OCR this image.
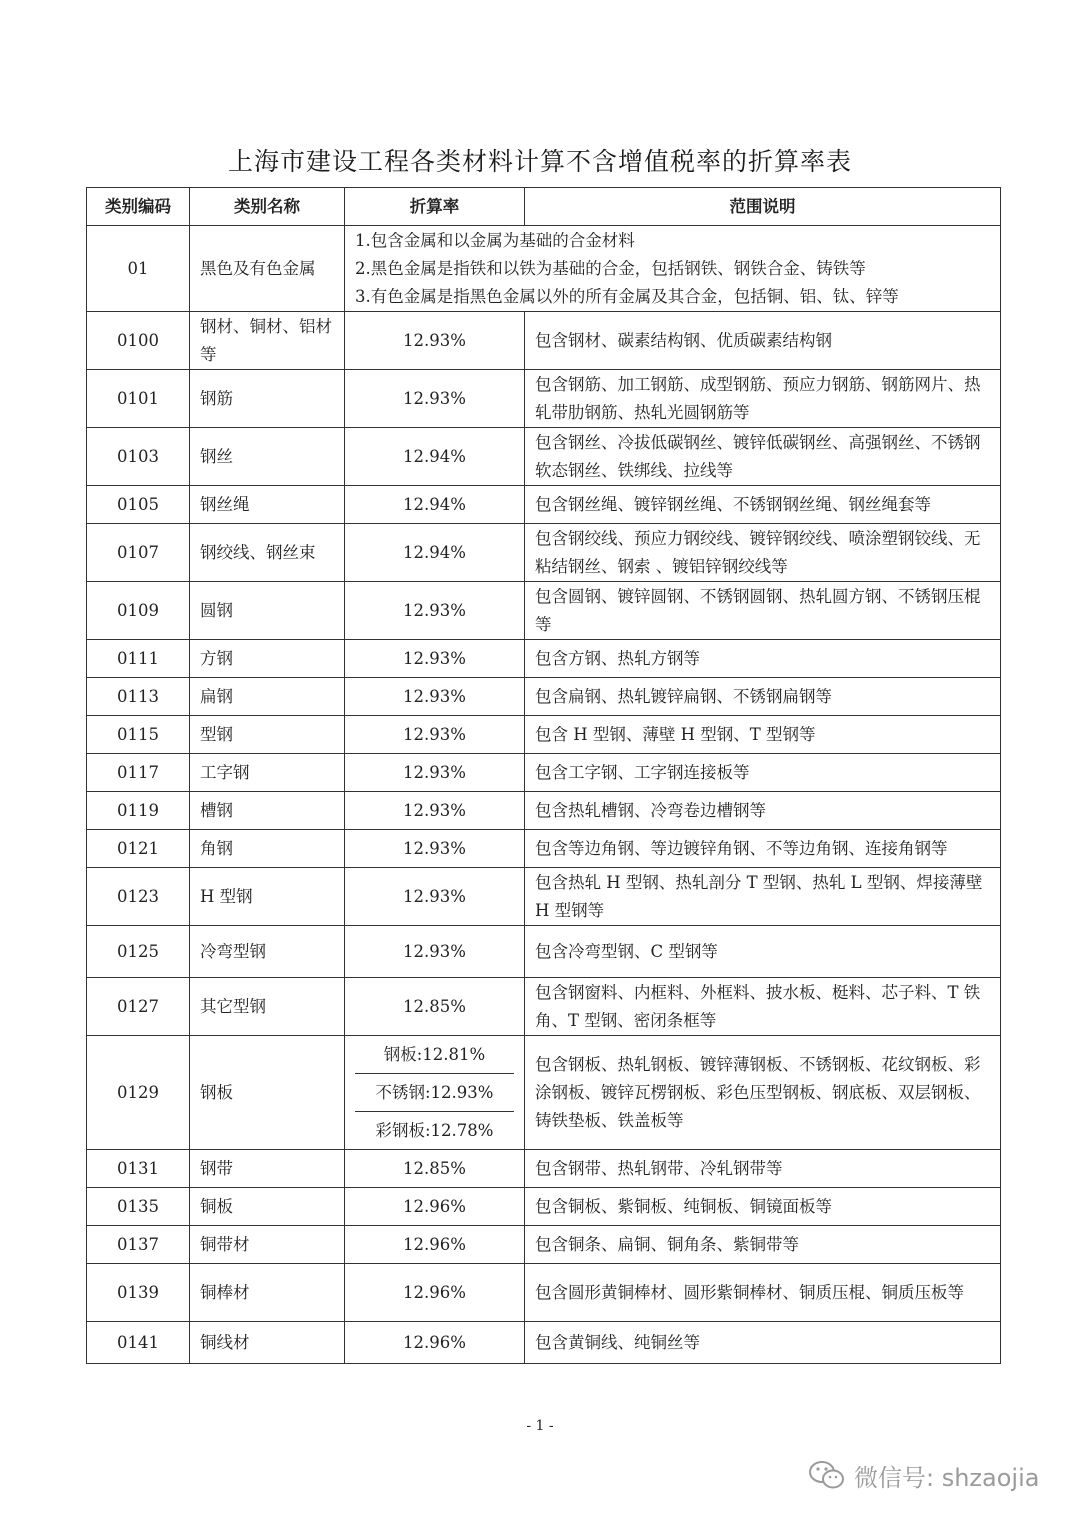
上海市建设工程各类材料计算不含增值税率的折算率表
类别编码	类别名称	折算率	范围说明
01	黑色及有色金属	1.包含金属和以金属为基础的合金材料
2.黑色金属是指铁和以铁为基础的合金，包括钢铁、钢铁合金、铸铁等
3.有色金属是指黑色金属以外的所有金属及其合金，包括铜、铝、钛、锌等	

0100	钢材、铜材、铝材等	12.93%	包含钢材、碳素结构钢、优质碳素结构钢
0101	钢筋	12.93%	包含钢筋、加工钢筋、成型钢筋、预应力钢筋、钢筋网片、热轧带肋钢筋、热轧光圆钢筋等
0103	钢丝	12.94%	包含钢丝、冷拔低碳钢丝、镀锌低碳钢丝、高强钢丝、不锈钢软态钢丝、铁绑线、拉线等
0105	钢丝绳	12.94%	包含钢丝绳、镀锌钢丝绳、不锈钢钢丝绳、钢丝绳套等
0107	钢绞线、钢丝束	12.94%	包含钢绞线、预应力钢绞线、镀锌钢绞线、喷涂塑钢铰线、无粘结钢丝、钢索 、镀铝锌钢绞线等
0109	圆钢	12.93%	包含圆钢、镀锌圆钢、不锈钢圆钢、热轧圆方钢、不锈钢压棍等
0111	方钢	12.93%	包含方钢、热轧方钢等
0113	扁钢	12.93%	包含扁钢、热轧镀锌扁钢、不锈钢扁钢等
0115	型钢	12.93%	包含 H 型钢、薄壁 H 型钢、T 型钢等
0117	工字钢	12.93%	包含工字钢、工字钢连接板等
0119	槽钢	12.93%	包含热轧槽钢、冷弯卷边槽钢等
0121	角钢	12.93%	包含等边角钢、等边镀锌角钢、不等边角钢、连接角钢等
0123	H 型钢	12.93%	包含热轧 H 型钢、热轧剖分 T 型钢、热轧 L 型钢、焊接薄壁 H 型钢等
0125	冷弯型钢	12.93%	包含冷弯型钢、C 型钢等
0127	其它型钢	12.85%	包含钢窗料、内框料、外框料、披水板、梃料、芯子料、T 铁角、T 型钢、密闭条框等
0129	钢板	钢板:12.81%
不锈钢:12.93%
彩钢板:12.78%	包含钢板、热轧钢板、镀锌薄钢板、不锈钢板、花纹钢板、彩涂钢板、镀锌瓦楞钢板、彩色压型钢板、钢底板、双层钢板、铸铁垫板、铁盖板等
0131	钢带	12.85%	包含钢带、热轧钢带、冷轧钢带等
0135	铜板	12.96%	包含铜板、紫铜板、纯铜板、铜镜面板等
0137	铜带材	12.96%	包含铜条、扁铜、铜角条、紫铜带等
0139	铜棒材	12.96%	包含圆形黄铜棒材、圆形紫铜棒材、铜质压棍、铜质压板等
0141	铜线材	12.96%	包含黄铜线、纯铜丝等
- 1 -
微信号: shzaojia
